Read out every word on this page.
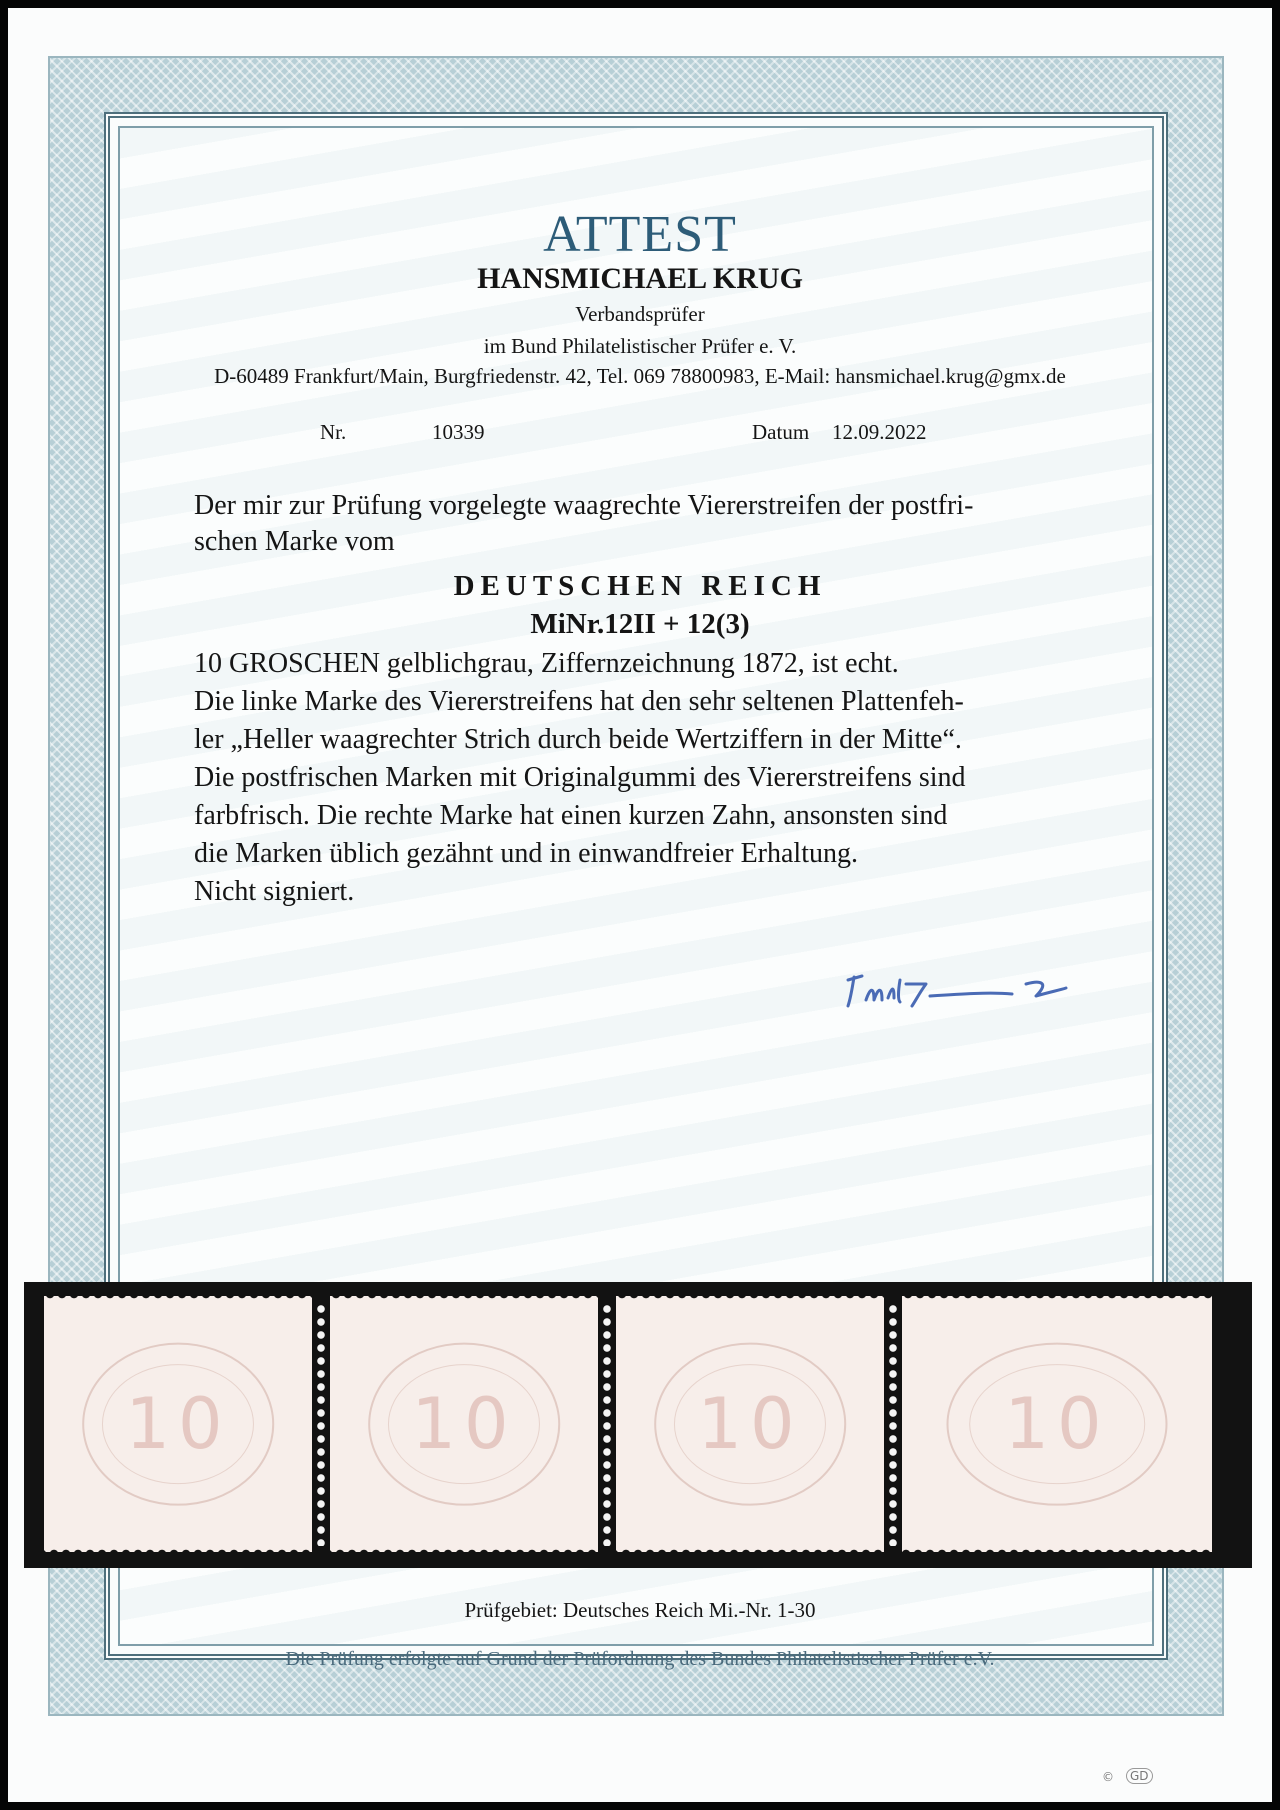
ATTEST
HANSMICHAEL KRUG
Verbandsprüfer
im Bund Philatelistischer Prüfer e. V.
D-60489 Frankfurt/Main, Burgfriedenstr. 42, Tel. 069 78800983, E-Mail: hansmichael.krug@gmx.de
Nr.	10339	Datum 12.09.2022
Der mir zur Prüfung vorgelegte waagrechte Viererstreifen der postfri-
schen Marke vom
DEUTSCHEN REICH
MiNr.12II + 12(3)
10 GROSCHEN gelblichgrau, Ziffernzeichnung 1872, ist echt.
Die linke Marke des Viererstreifens hat den sehr seltenen Plattenfeh-
ler „Heller waagrechter Strich durch beide Wertziffern in der Mitte“.
Die postfrischen Marken mit Originalgummi des Viererstreifens sind
farbfrisch. Die rechte Marke hat einen kurzen Zahn, ansonsten sind
die Marken üblich gezähnt und in einwandfreier Erhaltung.
Nicht signiert.
10	10	10	10
Prüfgebiet: Deutsches Reich Mi.-Nr. 1-30
Die Prüfung erfolgte auf Grund der Prüfordnung des Bundes Philatelistischer Prüfer e.V.
©	GD
